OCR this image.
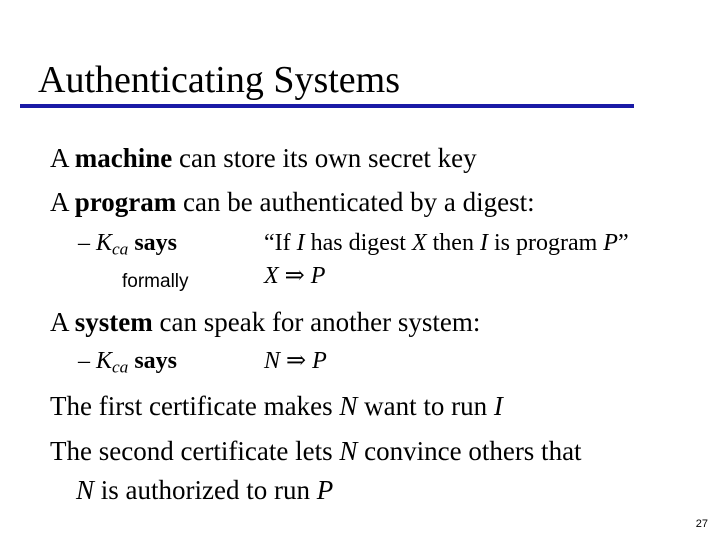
Authenticating Systems
A machine can store its own secret key
A program can be authenticated by a digest:
– $K_{ca}$ says	“If I has digest X then I is program P”
formally	X ⇒ P
A system can speak for another system:
– $K_{ca}$ says	N ⇒ P
The first certificate makes N want to run I
The second certificate lets N convince others that
N is authorized to run P
27
